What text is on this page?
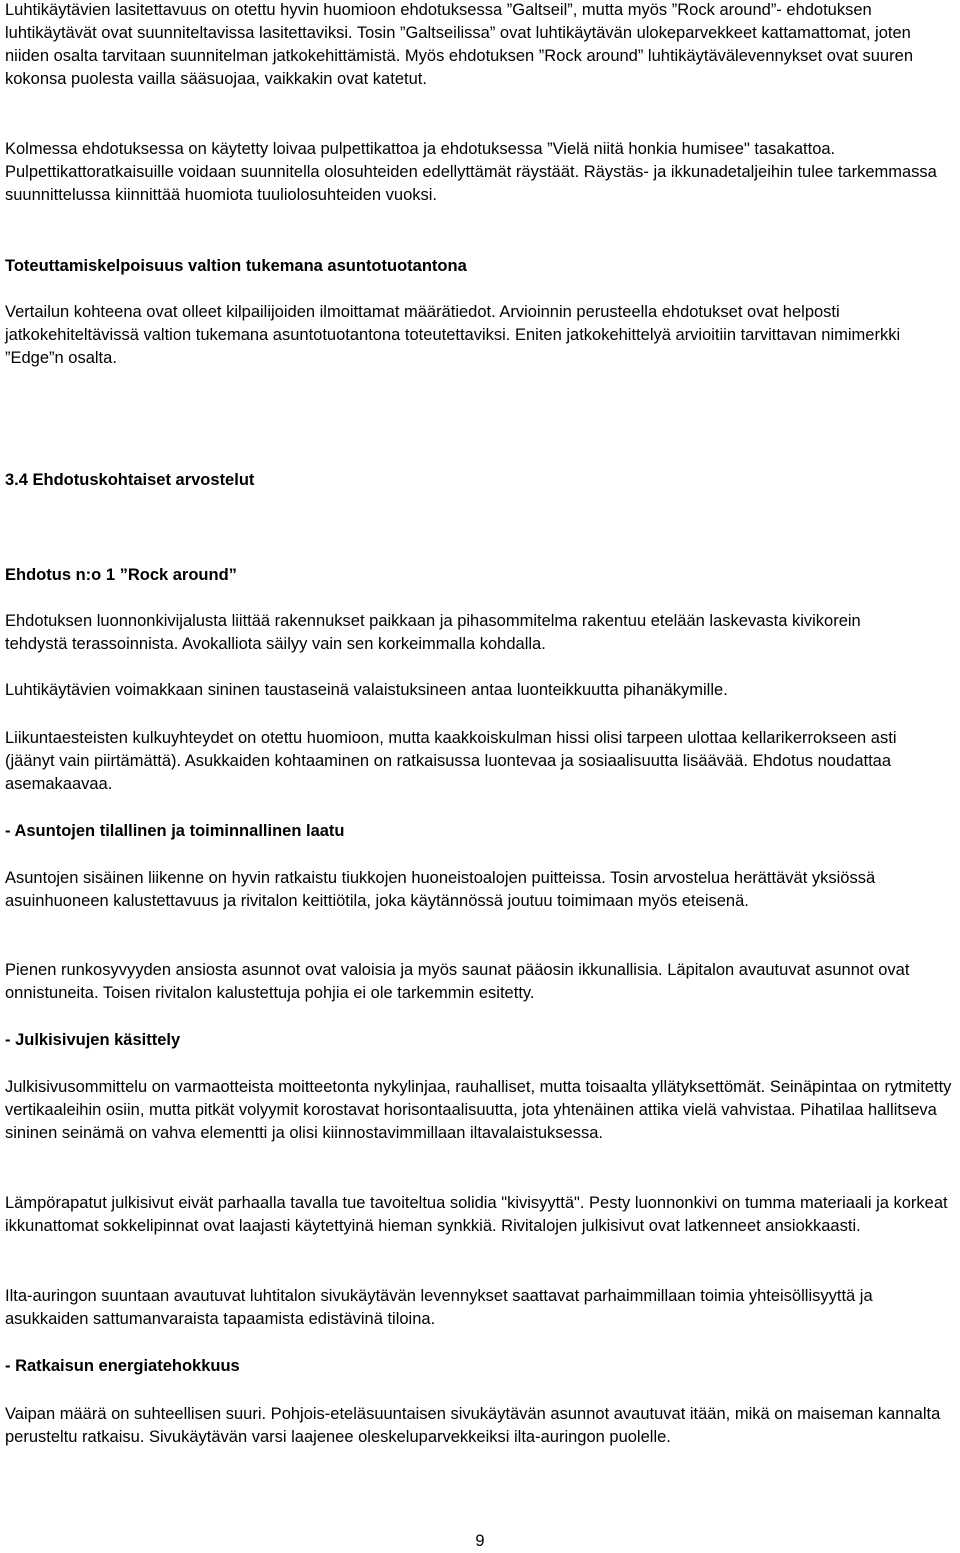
Luhtikäytävien lasitettavuus on otettu hyvin huomioon ehdotuksessa ”Galtseil”, mutta myös ”Rock around”- ehdotuksen luhtikäytävät ovat suunniteltavissa lasitettaviksi. Tosin ”Galtseilissa” ovat luhtikäytävän ulokeparvekkeet kattamattomat, joten niiden osalta tarvitaan suunnitelman jatkokehittämistä. Myös ehdotuksen ”Rock around” luhtikäytävälevennykset ovat suuren kokonsa puolesta vailla sääsuojaa, vaikkakin ovat katetut.

Kolmessa ehdotuksessa on käytetty loivaa pulpettikattoa ja ehdotuksessa ”Vielä niitä honkia humisee" tasakattoa. Pulpettikattoratkaisuille voidaan suunnitella olosuhteiden edellyttämät räystäät. Räystäs- ja ikkunadetaljeihin tulee tarkemmassa suunnittelussa kiinnittää huomiota tuuliolosuhteiden vuoksi.

Toteuttamiskelpoisuus valtion tukemana asuntotuotantona

Vertailun kohteena ovat olleet kilpailijoiden ilmoittamat määrätiedot. Arvioinnin perusteella ehdotukset ovat helposti jatkokehiteltävissä valtion tukemana asuntotuotantona toteutettaviksi. Eniten jatkokehittelyä arvioitiin tarvittavan nimimerkki ”Edge”n osalta.

3.4 Ehdotuskohtaiset arvostelut

Ehdotus n:o 1 ”Rock around”

Ehdotuksen luonnonkivijalusta liittää rakennukset paikkaan ja pihasommitelma rakentuu etelään laskevasta kivikorein tehdystä terassoinnista. Avokalliota säilyy vain sen korkeimmalla kohdalla.

Luhtikäytävien voimakkaan sininen taustaseinä valaistuksineen antaa luonteikkuutta pihanäkymille.

Liikuntaesteisten kulkuyhteydet on otettu huomioon, mutta kaakkoiskulman hissi olisi tarpeen ulottaa kellarikerrokseen asti (jäänyt vain piirtämättä). Asukkaiden kohtaaminen on ratkaisussa luontevaa ja sosiaalisuutta lisäävää. Ehdotus noudattaa asemakaavaa.

- Asuntojen tilallinen ja toiminnallinen laatu

Asuntojen sisäinen liikenne on hyvin ratkaistu tiukkojen huoneistoalojen puitteissa. Tosin arvostelua herättävät yksiössä asuinhuoneen kalustettavuus ja rivitalon keittiötila, joka käytännössä joutuu toimimaan myös eteisenä.

Pienen runkosyvyyden ansiosta asunnot ovat valoisia ja myös saunat pääosin ikkunallisia. Läpitalon avautuvat asunnot ovat onnistuneita. Toisen rivitalon kalustettuja pohjia ei ole tarkemmin esitetty.

- Julkisivujen käsittely

Julkisivusommittelu on varmaotteista moitteetonta nykylinjaa, rauhalliset, mutta toisaalta yllätyksettömät. Seinäpintaa on rytmitetty vertikaaleihin osiin, mutta pitkät volyymit korostavat horisontaalisuutta, jota yhtenäinen attika vielä vahvistaa. Pihatilaa hallitseva sininen seinämä on vahva elementti ja olisi kiinnostavimmillaan iltavalaistuksessa.

Lämpörapatut julkisivut eivät parhaalla tavalla tue tavoiteltua solidia "kivisyyttä". Pesty luonnonkivi on tumma materiaali ja korkeat ikkunattomat sokkelipinnat ovat laajasti käytettyinä hieman synkkiä. Rivitalojen julkisivut ovat latkenneet ansiokkaasti.

Ilta-auringon suuntaan avautuvat luhtitalon sivukäytävän levennykset saattavat parhaimmillaan toimia yhteisöllisyyttä ja asukkaiden sattumanvaraista tapaamista edistävinä tiloina.

- Ratkaisun energiatehokkuus

Vaipan määrä on suhteellisen suuri. Pohjois-eteläsuuntaisen sivukäytävän asunnot avautuvat itään, mikä on maiseman kannalta perusteltu ratkaisu. Sivukäytävän varsi laajenee oleskeluparvekkeiksi ilta-auringon puolelle.

9
